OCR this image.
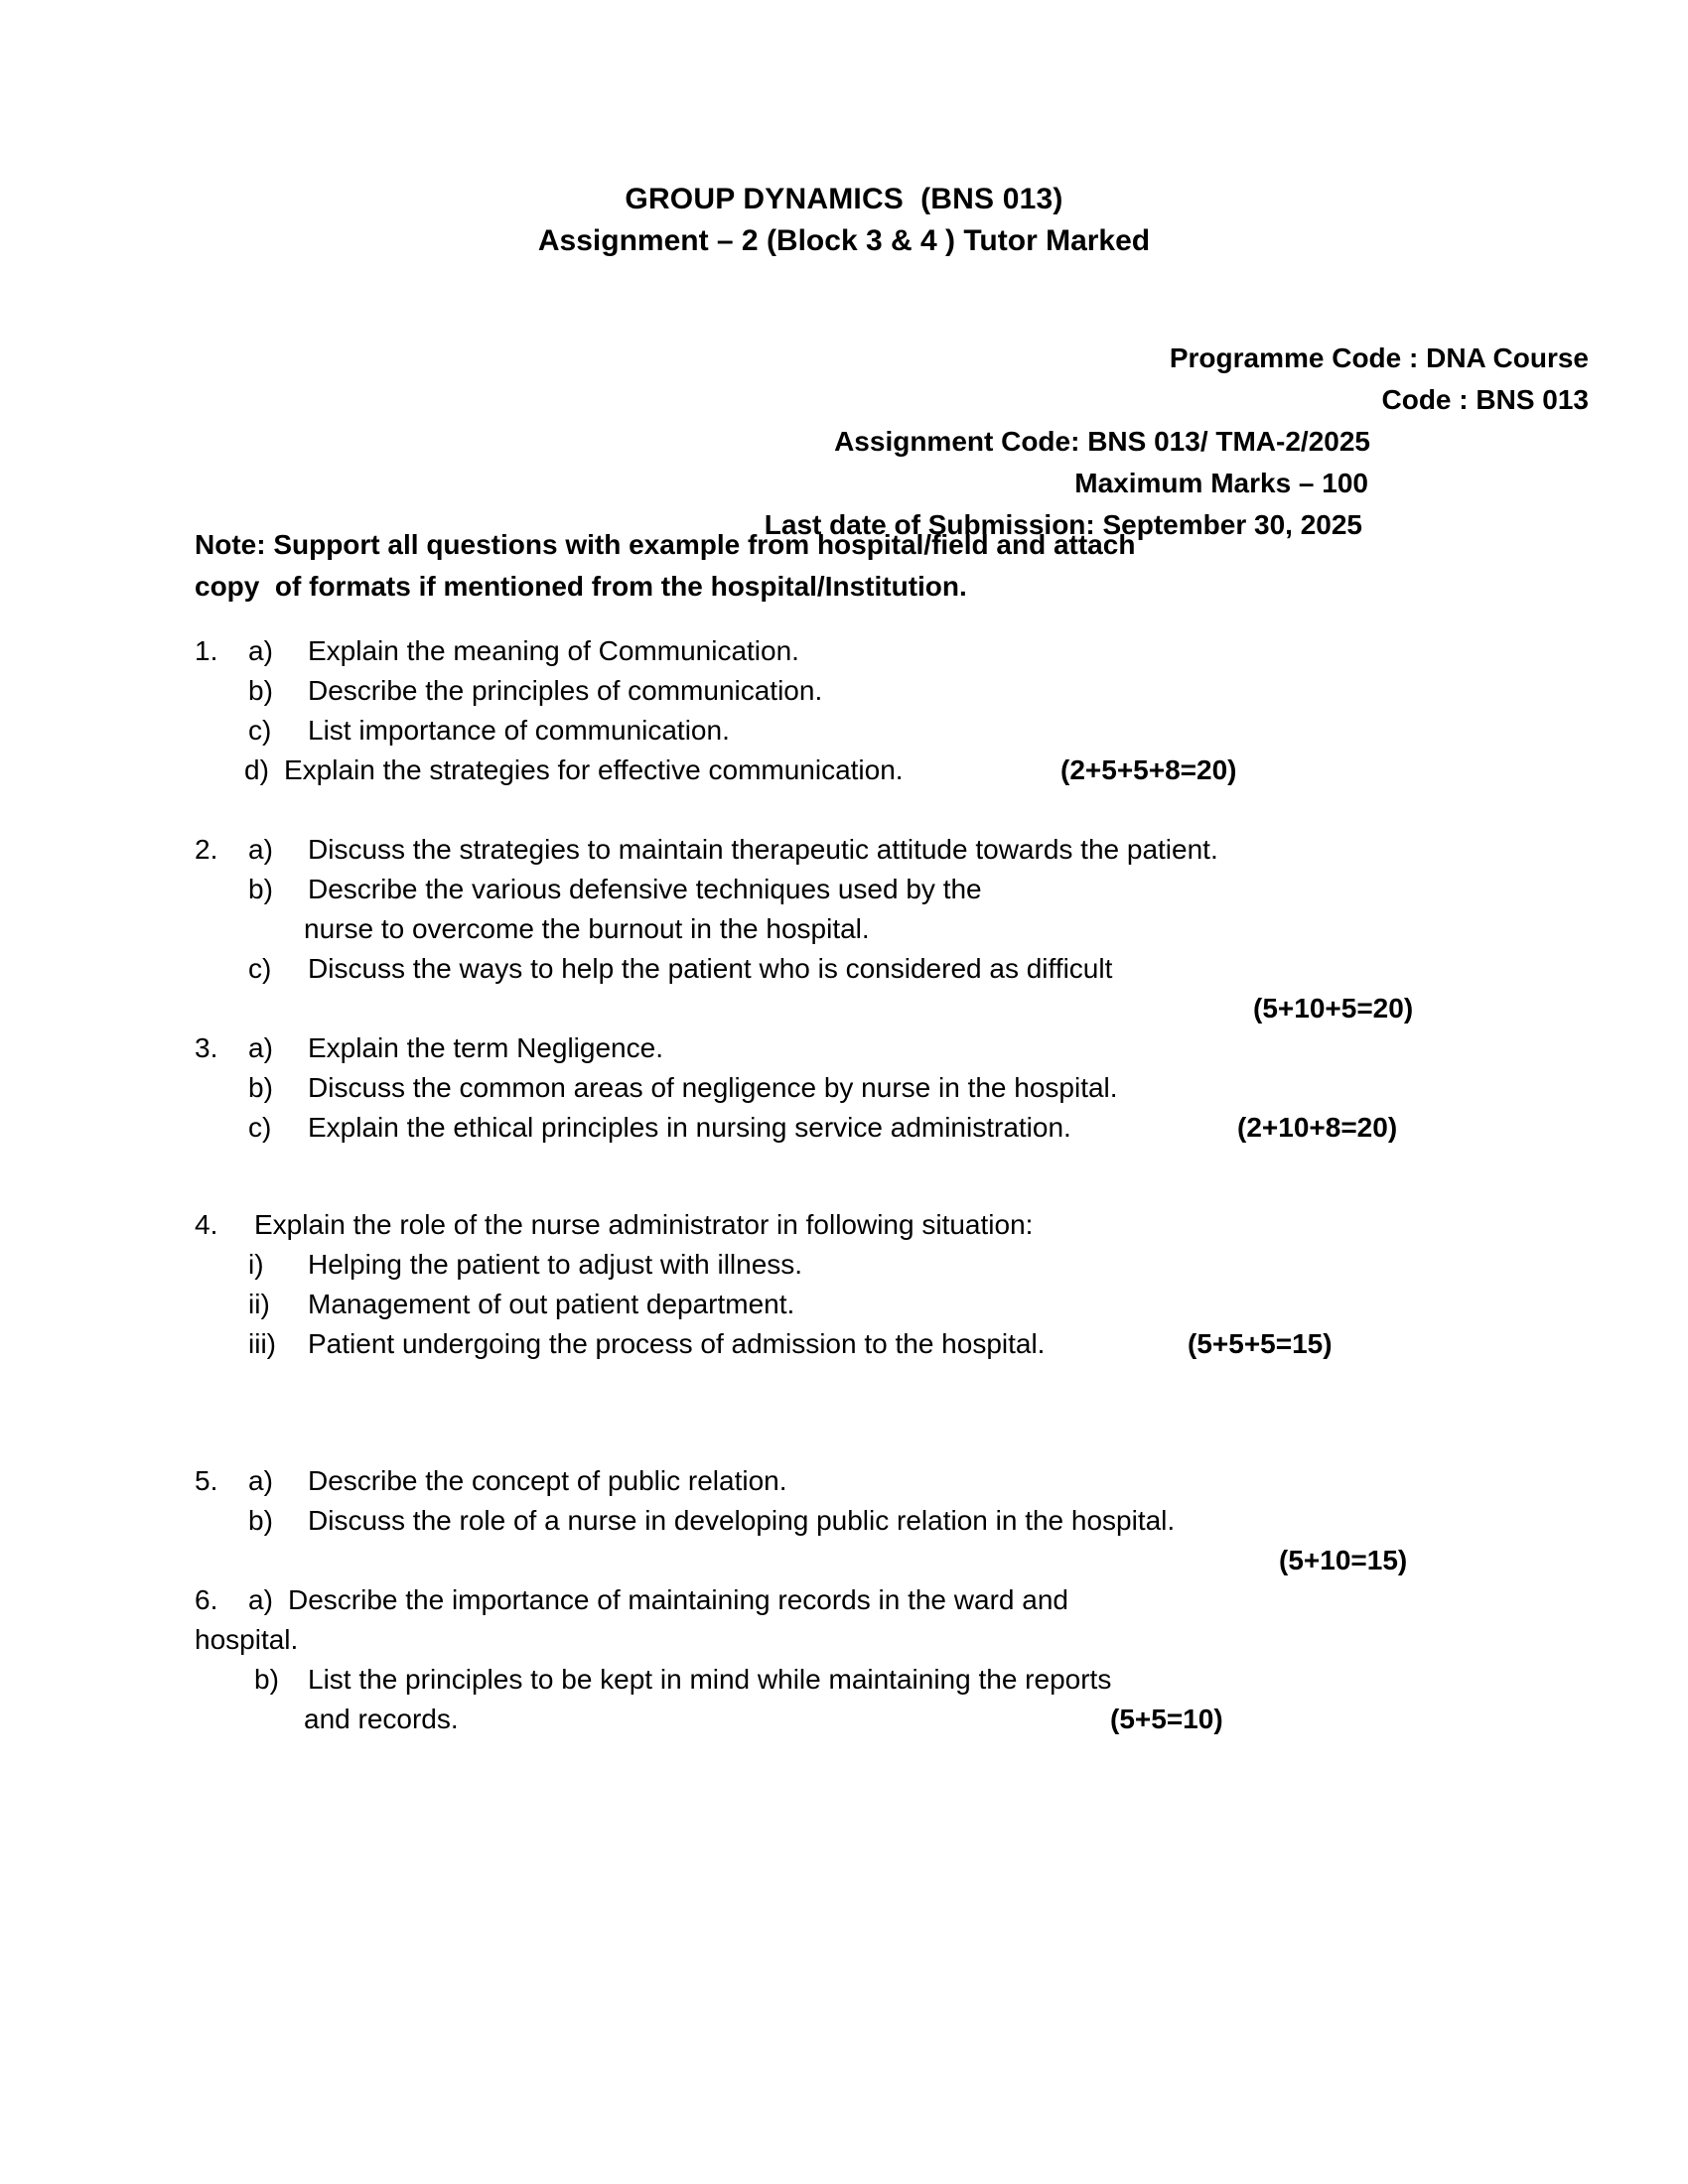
GROUP DYNAMICS  (BNS 013)
Assignment – 2 (Block 3 & 4 ) Tutor Marked
Programme Code : DNA Course
Code : BNS 013
Assignment Code: BNS 013/ TMA-2/2025
Maximum Marks – 100
Last date of Submission: September 30, 2025
Note: Support all questions with example from hospital/field and attach
copy  of formats if mentioned from the hospital/Institution.

1.

	a)

Explain the meaning of Communication.

b)

Describe the principles of communication.

c)

List importance of communication.

d)

Explain the strategies for effective communication.

	(2+5+5+8=20)

2.

	a)

Discuss the strategies to maintain therapeutic attitude towards the patient.

b)

Describe the various defensive techniques used by the

nurse to overcome the burnout in the hospital.

c)

Discuss the ways to help the patient who is considered as difficult

(5+10+5=20)

3.

	a)

Explain the term Negligence.

b)

Discuss the common areas of negligence by nurse in the hospital.

c)

Explain the ethical principles in nursing service administration.

	(2+10+8=20)

4.

	Explain the role of the nurse administrator in following situation:

i)

Helping the patient to adjust with illness.

ii)

Management of out patient department.

iii)

Patient undergoing the process of admission to the hospital.

	(5+5+5=15)

5.

	a)

Describe the concept of public relation.

b)

Discuss the role of a nurse in developing public relation in the hospital.

(5+10=15)

6.

	a)

Describe the importance of maintaining records in the ward and

hospital.

b)

List the principles to be kept in mind while maintaining the reports

and records.

	(5+5=10)
